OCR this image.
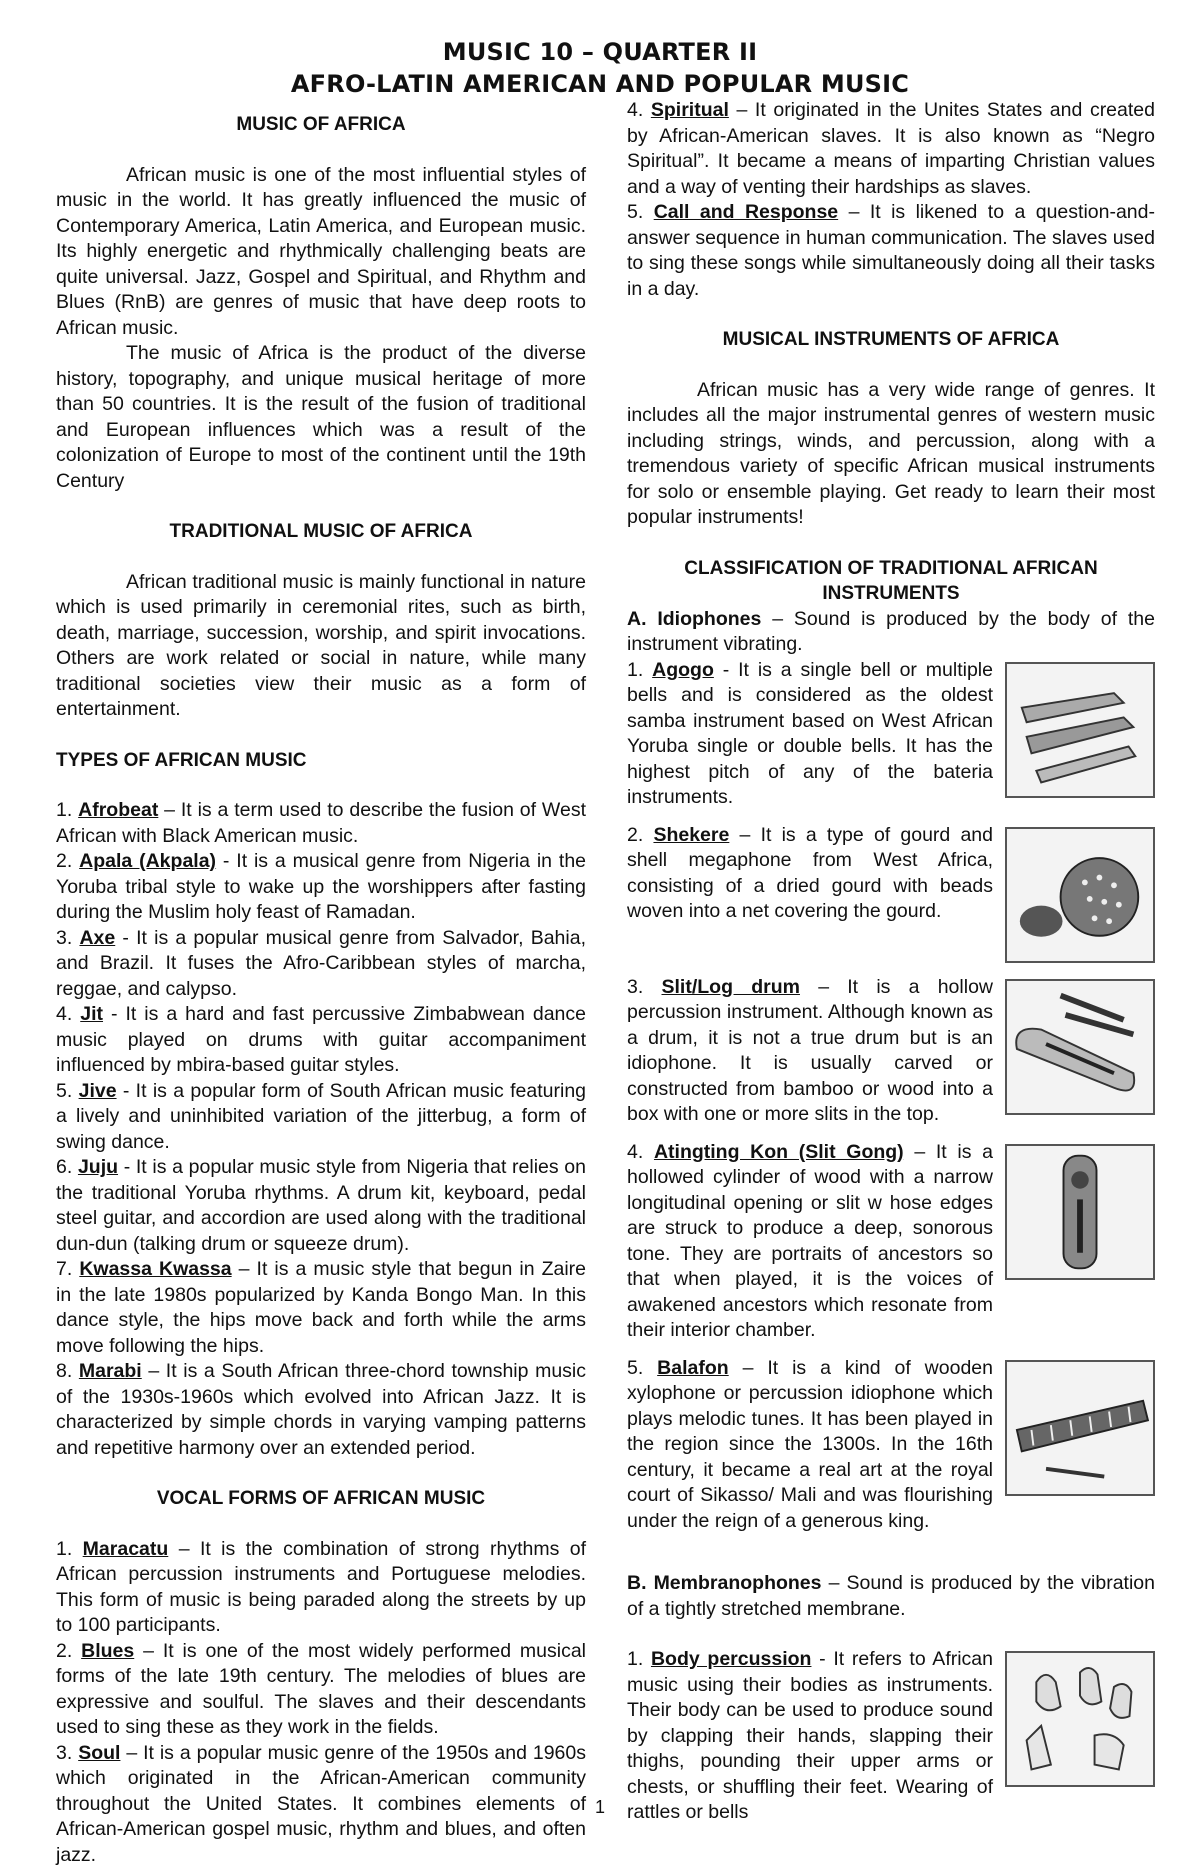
MUSIC 10 – QUARTER II
AFRO-LATIN AMERICAN AND POPULAR MUSIC

MUSIC OF AFRICA

African music is one of the most influential styles of music in the world. It has greatly influenced the music of Contemporary America, Latin America, and European music. Its highly energetic and rhythmically challenging beats are quite universal. Jazz, Gospel and Spiritual, and Rhythm and Blues (RnB) are genres of music that have deep roots to African music.

The music of Africa is the product of the diverse history, topography, and unique musical heritage of more than 50 countries. It is the result of the fusion of traditional and European influences which was a result of the colonization of Europe to most of the continent until the 19th Century

TRADITIONAL MUSIC OF AFRICA

African traditional music is mainly functional in nature which is used primarily in ceremonial rites, such as birth, death, marriage, succession, worship, and spirit invocations. Others are work related or social in nature, while many traditional societies view their music as a form of entertainment.

TYPES OF AFRICAN MUSIC

1. Afrobeat – It is a term used to describe the fusion of West African with Black American music.

2. Apala (Akpala) - It is a musical genre from Nigeria in the Yoruba tribal style to wake up the worshippers after fasting during the Muslim holy feast of Ramadan.

3. Axe - It is a popular musical genre from Salvador, Bahia, and Brazil. It fuses the Afro-Caribbean styles of marcha, reggae, and calypso.

4. Jit - It is a hard and fast percussive Zimbabwean dance music played on drums with guitar accompaniment influenced by mbira-based guitar styles.

5. Jive - It is a popular form of South African music featuring a lively and uninhibited variation of the jitterbug, a form of swing dance.

6. Juju - It is a popular music style from Nigeria that relies on the traditional Yoruba rhythms. A drum kit, keyboard, pedal steel guitar, and accordion are used along with the traditional dun-dun (talking drum or squeeze drum).

7. Kwassa Kwassa – It is a music style that begun in Zaire in the late 1980s popularized by Kanda Bongo Man. In this dance style, the hips move back and forth while the arms move following the hips.

8. Marabi – It is a South African three-chord township music of the 1930s-1960s which evolved into African Jazz. It is characterized by simple chords in varying vamping patterns and repetitive harmony over an extended period.

VOCAL FORMS OF AFRICAN MUSIC

1. Maracatu – It is the combination of strong rhythms of African percussion instruments and Portuguese melodies. This form of music is being paraded along the streets by up to 100 participants.

2. Blues – It is one of the most widely performed musical forms of the late 19th century. The melodies of blues are expressive and soulful. The slaves and their descendants used to sing these as they work in the fields.

3. Soul – It is a popular music genre of the 1950s and 1960s which originated in the African-American community throughout the United States. It combines elements of African-American gospel music, rhythm and blues, and often jazz.

4. Spiritual – It originated in the Unites States and created by African-American slaves. It is also known as “Negro Spiritual”. It became a means of imparting Christian values and a way of venting their hardships as slaves.

5. Call and Response – It is likened to a question-and-answer sequence in human communication. The slaves used to sing these songs while simultaneously doing all their tasks in a day.

MUSICAL INSTRUMENTS OF AFRICA

African music has a very wide range of genres. It includes all the major instrumental genres of western music including strings, winds, and percussion, along with a tremendous variety of specific African musical instruments for solo or ensemble playing. Get ready to learn their most popular instruments!

CLASSIFICATION OF TRADITIONAL AFRICAN INSTRUMENTS

A. Idiophones – Sound is produced by the body of the instrument vibrating.

1. Agogo - It is a single bell or multiple bells and is considered as the oldest samba instrument based on West African Yoruba single or double bells. It has the highest pitch of any of the bateria instruments.

2. Shekere – It is a type of gourd and shell megaphone from West Africa, consisting of a dried gourd with beads woven into a net covering the gourd.

3. Slit/Log drum – It is a hollow percussion instrument. Although known as a drum, it is not a true drum but is an idiophone. It is usually carved or constructed from bamboo or wood into a box with one or more slits in the top.

4. Atingting Kon (Slit Gong) – It is a hollowed cylinder of wood with a narrow longitudinal opening or slit w hose edges are struck to produce a deep, sonorous tone. They are portraits of ancestors so that when played, it is the voices of awakened ancestors which resonate from their interior chamber.

5. Balafon – It is a kind of wooden xylophone or percussion idiophone which plays melodic tunes. It has been played in the region since the 1300s. In the 16th century, it became a real art at the royal court of Sikasso/ Mali and was flourishing under the reign of a generous king.

B. Membranophones – Sound is produced by the vibration of a tightly stretched membrane.

1. Body percussion - It refers to African music using their bodies as instruments. Their body can be used to produce sound by clapping their hands, slapping their thighs, pounding their upper arms or chests, or shuffling their feet. Wearing of rattles or bells

1
